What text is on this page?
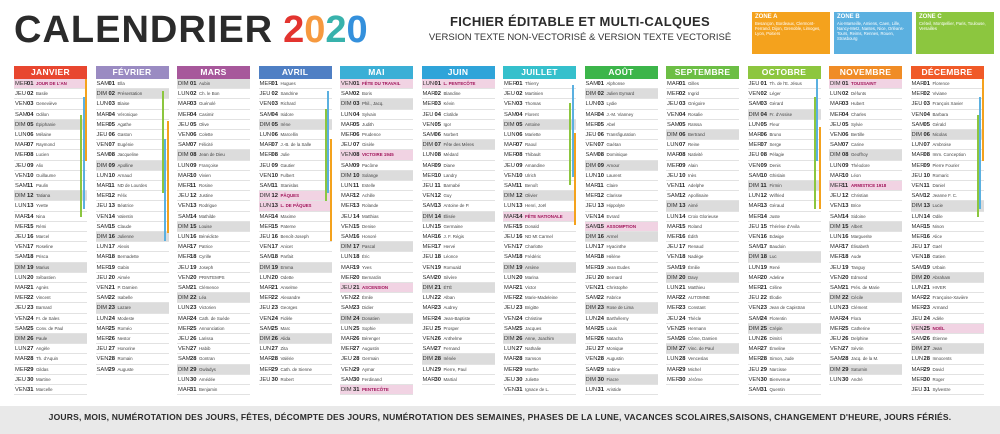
CALENDRIER 2020	FICHIER ÉDITABLE ET MULTI-CALQUES
VERSION TEXTE NON-VECTORISÉ & VERSION TEXTE VECTORISÉ
ZONE A
Besançon, Bordeaux, Clermont-Ferrand, Dijon, Grenoble, Limoges, Lyon, Poitiers
ZONE B
Aix-Marseille, Amiens, Caen, Lille, Nancy-Metz, Nantes, Nice, Orléans-Tours, Reims, Rennes, Rouen, Strasbourg
ZONE C
Créteil, Montpellier, Paris, Toulouse, Versailles
JANVIER
MER01 JOUR DE L'AN
JEU02 Basile
VEN03 Geneviève
SAM04 Odilon
DIM05 Épiphanie
LUN06 Mélaine
MAR07 Raymond
MER08 Lucien
JEU09 Alix
VEN10 Guillaume
SAM11 Paulin
DIM12 Tatiana
LUN13 Yvette
MAR14 Nina
MER15 Rémi
JEU16 Marcel
VEN17 Roseline
SAM18 Prisca
DIM19 Marius
LUN20 Sébastien
MAR21 Agnès
MER22 Vincent
JEU23 Barnard
VEN24 Fr. de Sales
SAM25 Conv. de Paul
DIM26 Paule
LUN27 Angèle
MAR28 Th. d'Aquin
MER29 Gildas
JEU30 Martine
VEN31 Marcelle
FÉVRIER
SAM01 Ella
DIM02 Présentation
LUN03 Blaise
MAR04 Véronique
MER05 Agathe
JEU06 Gaston
VEN07 Eugénie
SAM08 Jacqueline
DIM09 Apolline
LUN10 Arnaud
MAR11 ND de Lourdes
MER12 Félix
JEU13 Béatrice
VEN14 Valentin
SAM15 Claude
DIM16 Julienne
LUN17 Alexis
MAR18 Bernadette
MER19 Gabin
JEU20 Aimée
VEN21 P. Damien
SAM22 Isabelle
DIM23 Lazare
LUN24 Modeste
MAR25 Roméo
MER26 Nestor
JEU27 Honorine
VEN28 Romain
SAM29 Auguste
MARS
DIM01 Aubin
LUN02 Ch. le Bon
MAR03 Guénolé
MER04 Casimir
JEU05 Olive
VEN06 Colette
SAM07 Félicité
DIM08 Jean de Dieu
LUN09 Françoise
MAR10 Vivien
MER11 Rosine
JEU12 Justine
VEN13 Rodrigue
SAM14 Mathilde
DIM15 Louise
LUN16 Bénédicte
MAR17 Patrice
MER18 Cyrille
JEU19 Joseph
VEN20 PRINTEMPS
SAM21 Clémence
DIM22 Léa
LUN23 Victorien
MAR24 Cath. de Suède
MER25 Annonciation
JEU26 Larissa
VEN27 Habib
SAM28 Gontran
DIM29 Gwladys
LUN30 Amédée
MAR31 Benjamin
AVRIL
MER01 Hugues
JEU02 Sandrine
VEN03 Richard
SAM04 Isidore
DIM05 Irène
LUN06 Marcellin
MAR07 J.-B. de la Salle
MER08 Julie
JEU09 Gautier
VEN10 Fulbert
SAM11 Stanislas
DIM12 PÂQUES
LUN13 L. DE PÂQUES
MAR14 Maxime
MER15 Paterne
JEU16 Benoît-Joseph
VEN17 Anicet
SAM18 Parfait
DIM19 Emma
LUN20 Odette
MAR21 Anselme
MER22 Alexandre
JEU23 Georges
VEN24 Fidèle
SAM25 Marc
DIM26 Alida
LUN27 Zita
MAR28 Valérie
MER29 Cath. de Sienne
JEU30 Robert
MAI
VEN01 FÊTE DU TRAVAIL
SAM02 Boris
DIM03 Phil., Jacq.
LUN04 Sylvain
MAR05 Judith
MER06 Prudence
JEU07 Gisèle
VEN08 VICTOIRE 1945
SAM09 Pacôme
DIM10 Solange
LUN11 Estelle
MAR12 Achille
MER13 Rolande
JEU14 Matthias
VEN15 Denise
SAM16 Honoré
DIM17 Pascal
LUN18 Éric
MAR19 Yves
MER20 Bernardin
JEU21 ASCENSION
VEN22 Émile
SAM23 Didier
DIM24 Donatien
LUN25 Sophie
MAR26 Bérenger
MER27 Augustin
JEU28 Germain
VEN29 Aymar
SAM30 Ferdinand
DIM31 PENTECÔTE
JUIN
LUN01 L. PENTECÔTE
MAR02 Blandine
MER03 Kévin
JEU04 Clotilde
VEN05 Igor
SAM06 Norbert
DIM07 Fête des Mères
LUN08 Médard
MAR09 Diane
MER10 Landry
JEU11 Barnabé
VEN12 Guy
SAM13 Antoine de P.
DIM14 Élisée
LUN15 Germaine
MAR16 J. F. Régis
MER17 Hervé
JEU18 Léonce
VEN19 Romuald
SAM20 Silvère
DIM21 ÉTÉ
LUN22 Alban
MAR23 Audrey
MER24 Jean-Baptiste
JEU25 Prosper
VEN26 Anthelme
SAM27 Fernand
DIM28 Irénée
LUN29 Pierre, Paul
MAR30 Martial
JUILLET
MER01 Thierry
JEU02 Martinien
VEN03 Thomas
SAM04 Florent
DIM05 Antoine
LUN06 Mariette
MAR07 Raoul
MER08 Thibault
JEU09 Amandine
VEN10 Ulrich
SAM11 Benoît
DIM12 Olivier
LUN13 Henri, Joël
MAR14 FÊTE NATIONALE
MER15 Donald
JEU16 ND Mt Carmel
VEN17 Charlotte
SAM18 Frédéric
DIM19 Arsène
LUN20 Marina
MAR21 Victor
MER22 Marie-Madeleine
JEU23 Brigitte
VEN24 Christine
SAM25 Jacques
DIM26 Anne, Joachim
LUN27 Nathalie
MAR28 Samson
MER29 Marthe
JEU30 Juliette
VEN31 Ignace de L.
AOÛT
SAM01 Alphonse
DIM02 Julien Eymard
LUN03 Lydie
MAR04 J.-M. Vianney
MER05 Abel
JEU06 Transfiguration
VEN07 Gaétan
SAM08 Dominique
DIM09 Amour
LUN10 Laurent
MAR11 Claire
MER12 Clarisse
JEU13 Hippolyte
VEN14 Evrard
SAM15 ASSOMPTION
DIM16 Armel
LUN17 Hyacinthe
MAR18 Hélène
MER19 Jean Eudes
JEU20 Bernard
VEN21 Christophe
SAM22 Fabrice
DIM23 Rose de Lima
LUN24 Barthélemy
MAR25 Louis
MER26 Natacha
JEU27 Monique
VEN28 Augustin
SAM29 Sabine
DIM30 Fiacre
LUN31 Aristide
SEPTEMBRE
MAR01 Gilles
MER02 Ingrid
JEU03 Grégoire
VEN04 Rosalie
SAM05 Raïssa
DIM06 Bertrand
LUN07 Reine
MAR08 Nativité
MER09 Alain
JEU10 Inès
VEN11 Adelphe
SAM12 Apollinaire
DIM13 Aimé
LUN14 Croix Glorieuse
MAR15 Roland
MER16 Édith
JEU17 Renaud
VEN18 Nadège
SAM19 Émilie
DIM20 Davy
LUN21 Matthieu
MAR22 AUTOMNE
MER23 Constant
JEU24 Thècle
VEN25 Hermann
SAM26 Côme, Damien
DIM27 Vinc. de Paul
LUN28 Venceslas
MAR29 Michel
MER30 Jérôme
OCTOBRE
JEU01 Th. de l'E. Jésus
VEN02 Léger
SAM03 Gérard
DIM04 Fr. d'Assise
LUN05 Fleur
MAR06 Bruno
MER07 Serge
JEU08 Pélagie
VEN09 Denis
SAM10 Ghislain
DIM11 Firmin
LUN12 Wilfried
MAR13 Géraud
MER14 Juste
JEU15 Thérèse d'Avila
VEN16 Edwige
SAM17 Baudoin
DIM18 Luc
LUN19 René
MAR20 Adeline
MER21 Céline
JEU22 Élodie
VEN23 Jean de Capistran
SAM24 Florentin
DIM25 Crépin
LUN26 Dimitri
MAR27 Émeline
MER28 Simon, Jude
JEU29 Narcisse
VEN30 Bienvenue
SAM31 Quentin
NOVEMBRE
DIM01 TOUSSAINT
LUN02 Défunts
MAR03 Hubert
MER04 Charles
JEU05 Sylvie
VEN06 Bertille
SAM07 Carine
DIM08 Geoffroy
LUN09 Théodore
MAR10 Léon
MER11 ARMISTICE 1918
JEU12 Christian
VEN13 Brice
SAM14 Sidoine
DIM15 Albert
LUN16 Marguerite
MAR17 Élisabeth
MER18 Aude
JEU19 Tanguy
VEN20 Edmond
SAM21 Prés. de Marie
DIM22 Cécile
LUN23 Clément
MAR24 Flora
MER25 Catherine
JEU26 Delphine
VEN27 Sévrin
SAM28 Jacq. de la M.
DIM29 Saturnin
LUN30 André
DÉCEMBRE
MAR01 Florence
MER02 Viviane
JEU03 François Xavier
VEN04 Barbara
SAM05 Gérald
DIM06 Nicolas
LUN07 Ambroise
MAR08 Imm. Conception
MER09 Pierre Fourier
JEU10 Romaric
VEN11 Daniel
SAM12 Jeanne F. C.
DIM13 Lucie
LUN14 Odile
MAR15 Ninon
MER16 Alice
JEU17 Gaël
VEN18 Gatien
SAM19 Urbain
DIM20 Abraham
LUN21 HIVER
MAR22 Françoise-Xavière
MER23 Armand
JEU24 Adèle
VEN25 NOËL
SAM26 Étienne
DIM27 Jean
LUN28 Innocents
MAR29 David
MER30 Roger
JEU31 Sylvestre
JOURS, MOIS, NUMÉROTATION DES JOURS, FÊTES, DÉCOMPTE DES JOURS, NUMÉROTATION DES SEMAINES, PHASES DE LA LUNE, VACANCES SCOLAIRES,SAISONS, CHANGEMENT D'HEURE, JOURS FÉRIÉS.
